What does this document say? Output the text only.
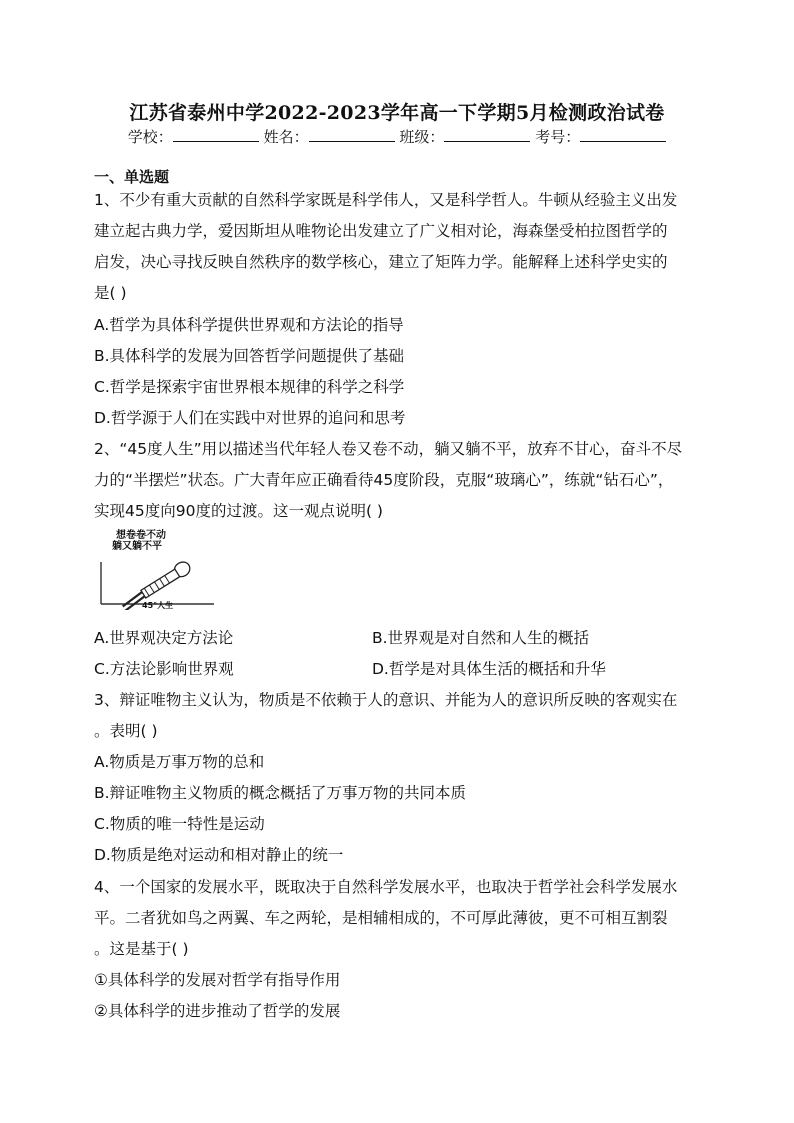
江苏省泰州中学2022-2023学年高一下学期5月检测政治试卷
学校：	姓名：	班级：	考号：
一、单选题
1、不少有重大贡献的自然科学家既是科学伟人，又是科学哲人。牛顿从经验主义出发
建立起古典力学，爱因斯坦从唯物论出发建立了广义相对论，海森堡受柏拉图哲学的
启发，决心寻找反映自然秩序的数学核心，建立了矩阵力学。能解释上述科学史实的
是( )
A.哲学为具体科学提供世界观和方法论的指导
B.具体科学的发展为回答哲学问题提供了基础
C.哲学是探索宇宙世界根本规律的科学之科学
D.哲学源于人们在实践中对世界的追问和思考
2、“45度人生”用以描述当代年轻人卷又卷不动，躺又躺不平，放弃不甘心，奋斗不尽
力的“半摆烂”状态。广大青年应正确看待45度阶段，克服“玻璃心”，练就“钻石心”，
实现45度向90度的过渡。这一观点说明( )
想卷卷不动
躺又躺不平
45°人生
A.世界观决定方法论	B.世界观是对自然和人生的概括
C.方法论影响世界观	D.哲学是对具体生活的概括和升华
3、辩证唯物主义认为，物质是不依赖于人的意识、并能为人的意识所反映的客观实在
。表明( )
A.物质是万事万物的总和
B.辩证唯物主义物质的概念概括了万事万物的共同本质
C.物质的唯一特性是运动
D.物质是绝对运动和相对静止的统一
4、一个国家的发展水平，既取决于自然科学发展水平，也取决于哲学社会科学发展水
平。二者犹如鸟之两翼、车之两轮，是相辅相成的，不可厚此薄彼，更不可相互割裂
。这是基于( )
①具体科学的发展对哲学有指导作用
②具体科学的进步推动了哲学的发展
